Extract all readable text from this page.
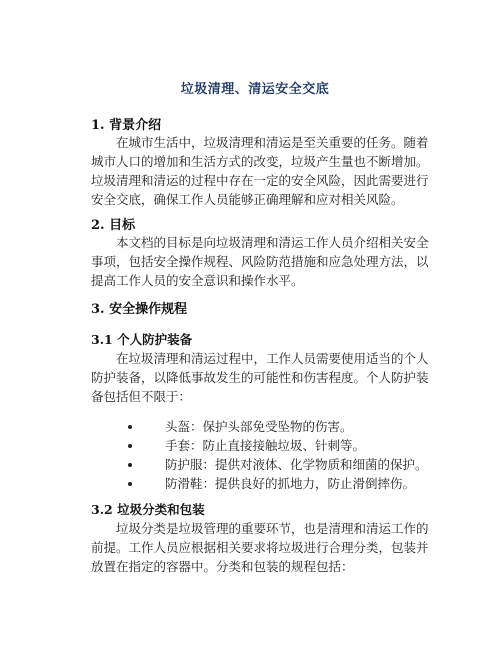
垃圾清理、清运安全交底
1. 背景介绍
在城市生活中，垃圾清理和清运是至关重要的任务。随着
城市人口的增加和生活方式的改变，垃圾产生量也不断增加。
垃圾清理和清运的过程中存在一定的安全风险，因此需要进行
安全交底，确保工作人员能够正确理解和应对相关风险。
2. 目标
本文档的目标是向垃圾清理和清运工作人员介绍相关安全
事项，包括安全操作规程、风险防范措施和应急处理方法，以
提高工作人员的安全意识和操作水平。
3. 安全操作规程
3.1 个人防护装备
在垃圾清理和清运过程中，工作人员需要使用适当的个人
防护装备，以降低事故发生的可能性和伤害程度。个人防护装
备包括但不限于：
头盔：保护头部免受坠物的伤害。
手套：防止直接接触垃圾、针刺等。
防护服：提供对液体、化学物质和细菌的保护。
防滑鞋：提供良好的抓地力，防止滑倒摔伤。
3.2 垃圾分类和包装
垃圾分类是垃圾管理的重要环节，也是清理和清运工作的
前提。工作人员应根据相关要求将垃圾进行合理分类，包装并
放置在指定的容器中。分类和包装的规程包括：
